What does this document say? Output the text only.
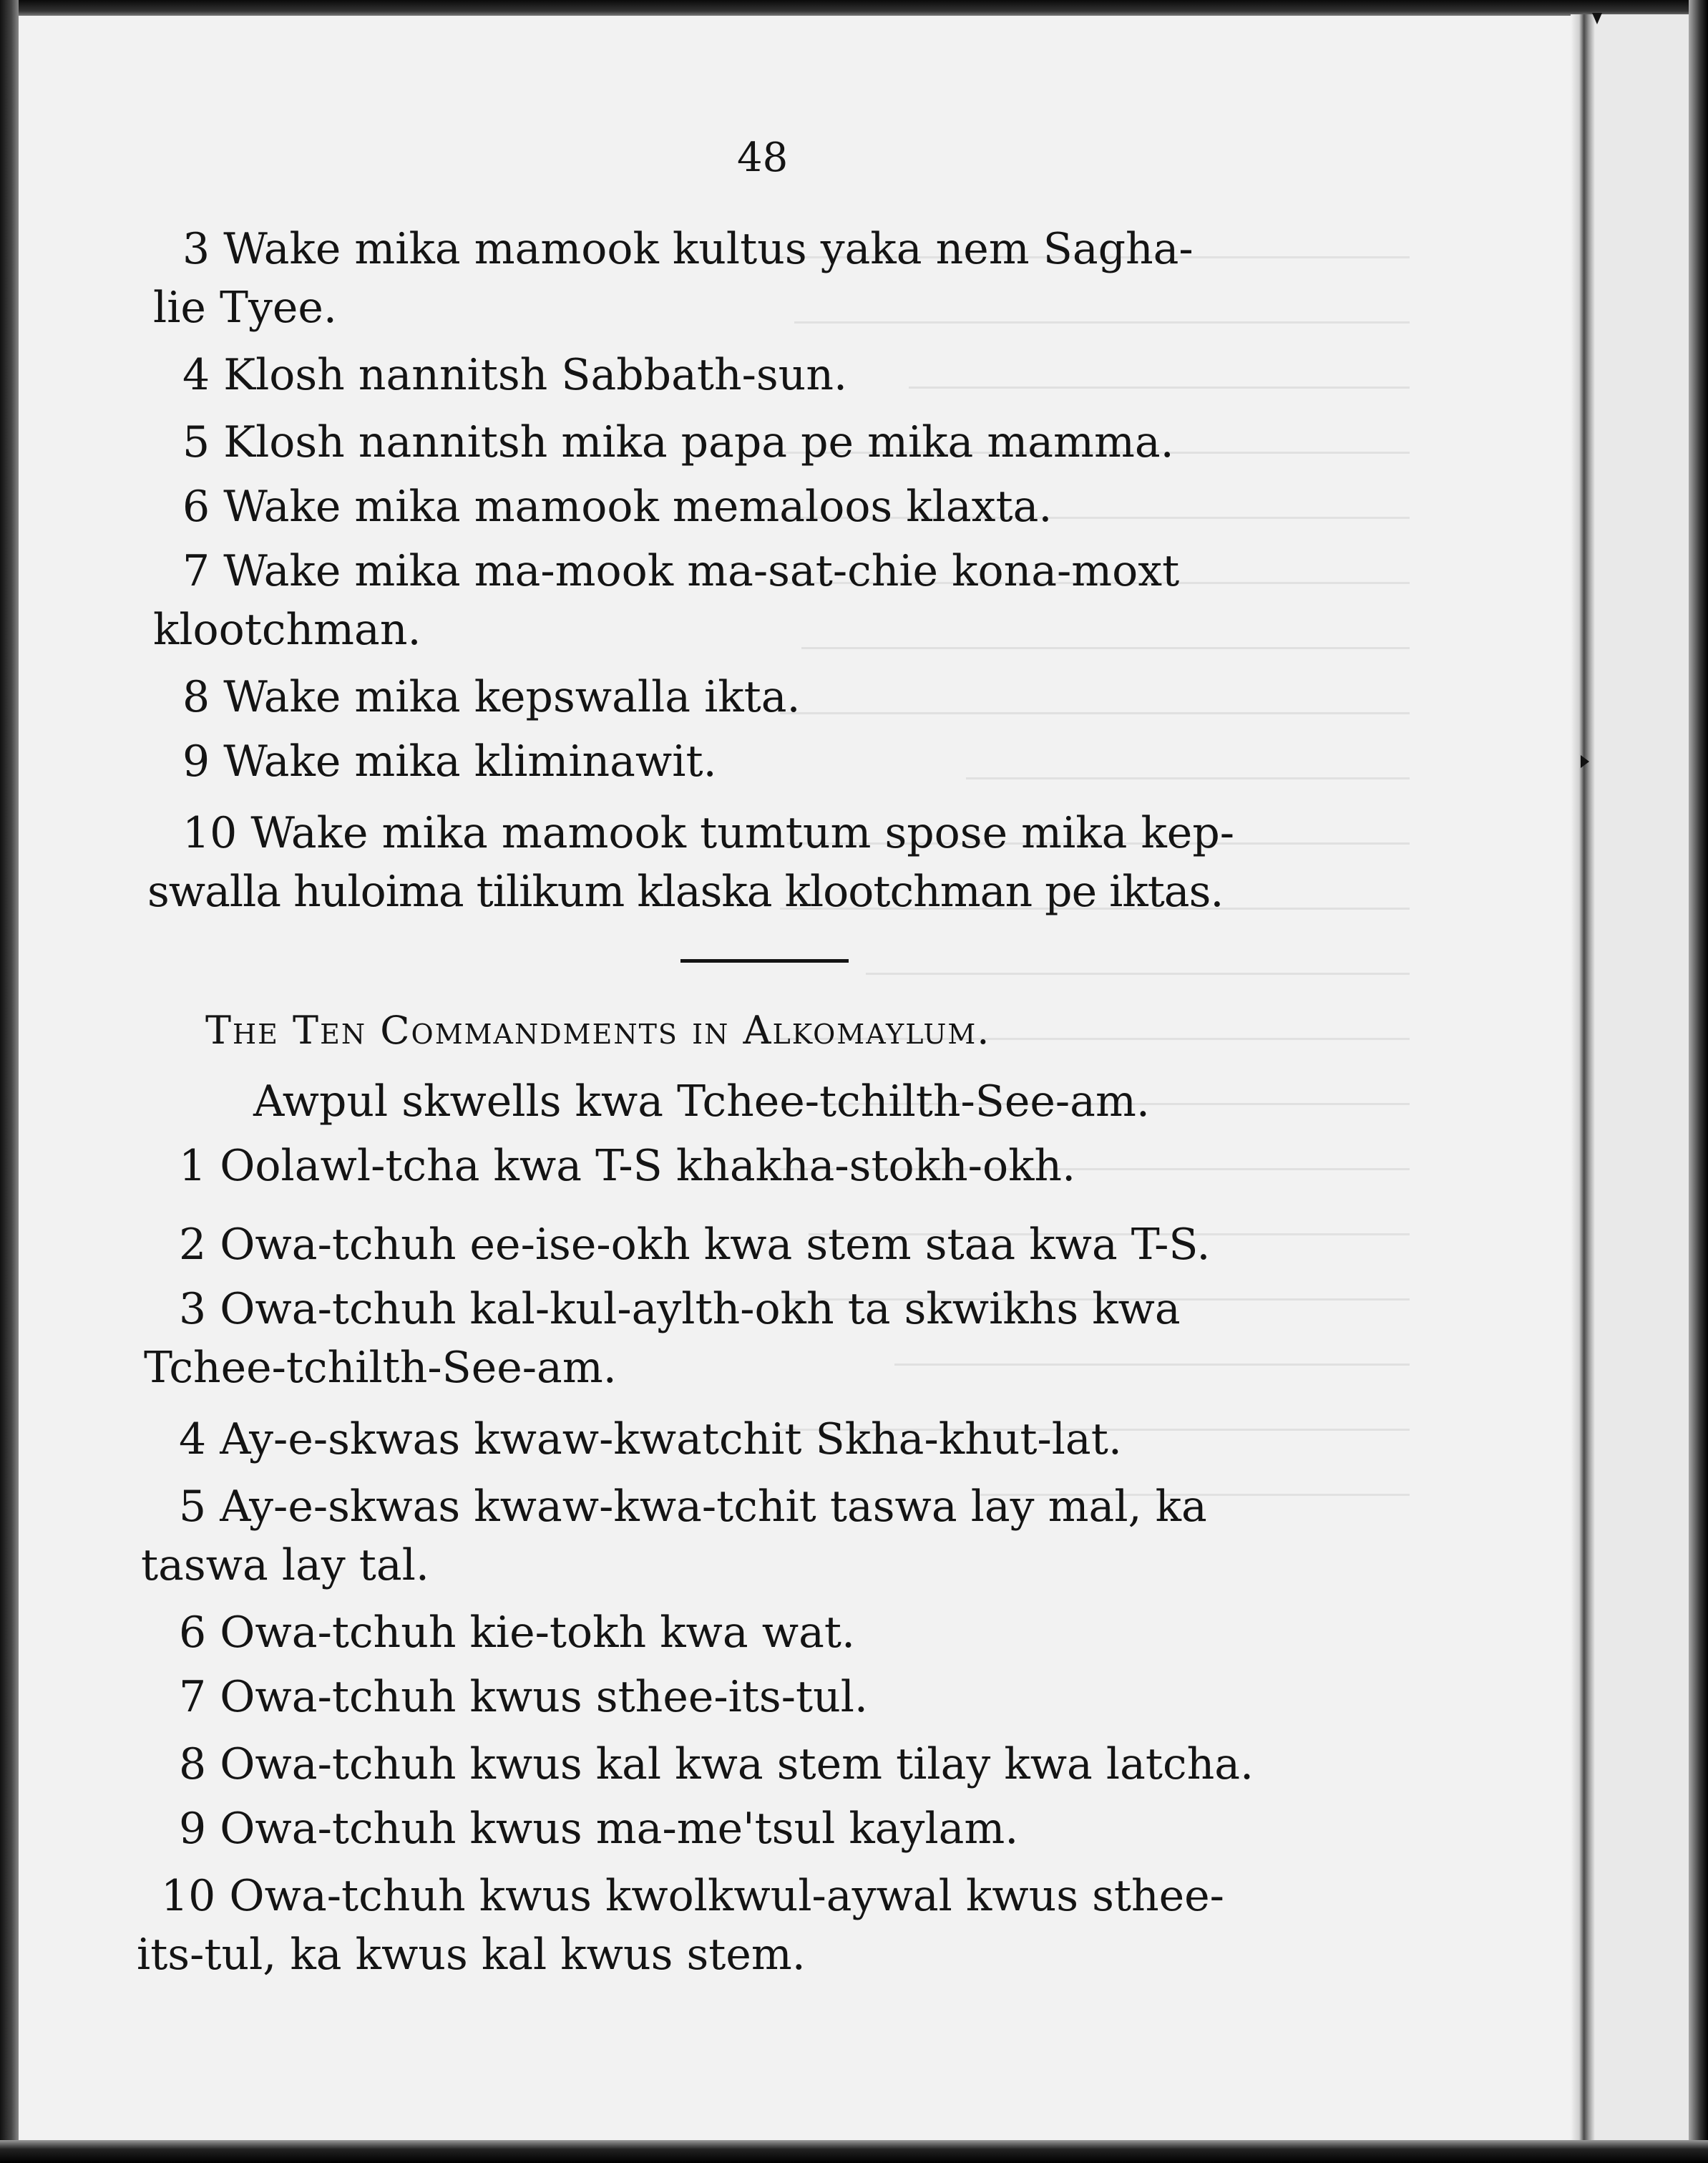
48
3 Wake mika mamook kultus yaka nem Sagha-
lie Tyee.
4 Klosh nannitsh Sabbath-sun.
5 Klosh nannitsh mika papa pe mika mamma.
6 Wake mika mamook memaloos klaxta.
7 Wake mika ma-mook ma-sat-chie kona-moxt
klootchman.
8 Wake mika kepswalla ikta.
9 Wake mika kliminawit.
10 Wake mika mamook tumtum spose mika kep-
swalla huloima tilikum klaska klootchman pe iktas.
The Ten Commandments in Alkomaylum.
Awpul skwells kwa Tchee-tchilth-See-am.
1 Oolawl-tcha kwa T-S khakha-stokh-okh.
2 Owa-tchuh ee-ise-okh kwa stem staa kwa T-S.
3 Owa-tchuh kal-kul-aylth-okh ta skwikhs kwa
Tchee-tchilth-See-am.
4 Ay-e-skwas kwaw-kwatchit Skha-khut-lat.
5 Ay-e-skwas kwaw-kwa-tchit taswa lay mal, ka
taswa lay tal.
6 Owa-tchuh kie-tokh kwa wat.
7 Owa-tchuh kwus sthee-its-tul.
8 Owa-tchuh kwus kal kwa stem tilay kwa latcha.
9 Owa-tchuh kwus ma-me'tsul kaylam.
10 Owa-tchuh kwus kwolkwul-aywal kwus sthee-
its-tul, ka kwus kal kwus stem.
